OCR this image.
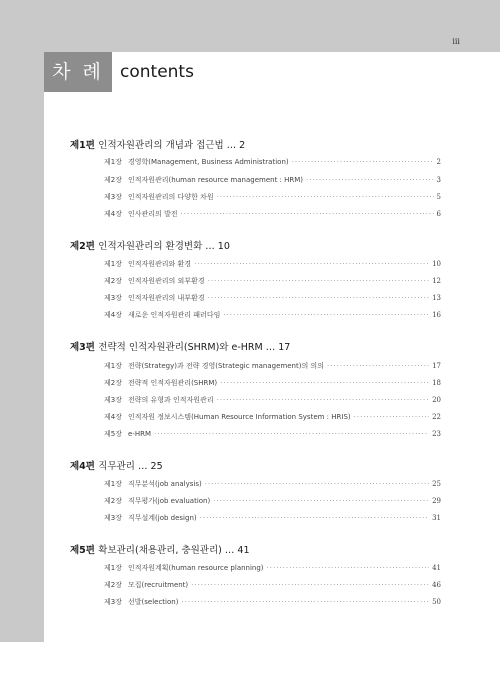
iii
차 례 contents
제1편 인적자원관리의 개념과 접근법 … 2
제1장 경영학(Management, Business Administration) ·····	2
제2장 인적자원관리(human resource management : HRM) ·····	3
제3장 인적자원관리의 다양한 차원 ·····	5
제4장 인사관리의 발전 ·····	6
제2편 인적자원관리의 환경변화 … 10
제1장 인적자원관리와 환경 ·····	10
제2장 인적자원관리의 외부환경 ·····	12
제3장 인적자원관리의 내부환경 ·····	13
제4장 새로운 인적자원관리 패러다임 ·····	16
제3편 전략적 인적자원관리(SHRM)와 e-HRM … 17
제1장 전략(Strategy)과 전략 경영(Strategic management)의 의의 ·····	17
제2장 전략적 인적자원관리(SHRM) ·····	18
제3장 전략의 유형과 인적자원관리 ·····	20
제4장 인적자원 정보시스템(Human Resource Information System : HRIS) ·····	22
제5장 e-HRM ·····	23
제4편 직무관리 … 25
제1장 직무분석(job analysis) ·····	25
제2장 직무평가(job evaluation) ·····	29
제3장 직무설계(job design) ·····	31
제5편 확보관리(채용관리, 충원관리) … 41
제1장 인적자원계획(human resource planning) ·····	41
제2장 모집(recruitment) ·····	46
제3장 선발(selection) ·····	50
